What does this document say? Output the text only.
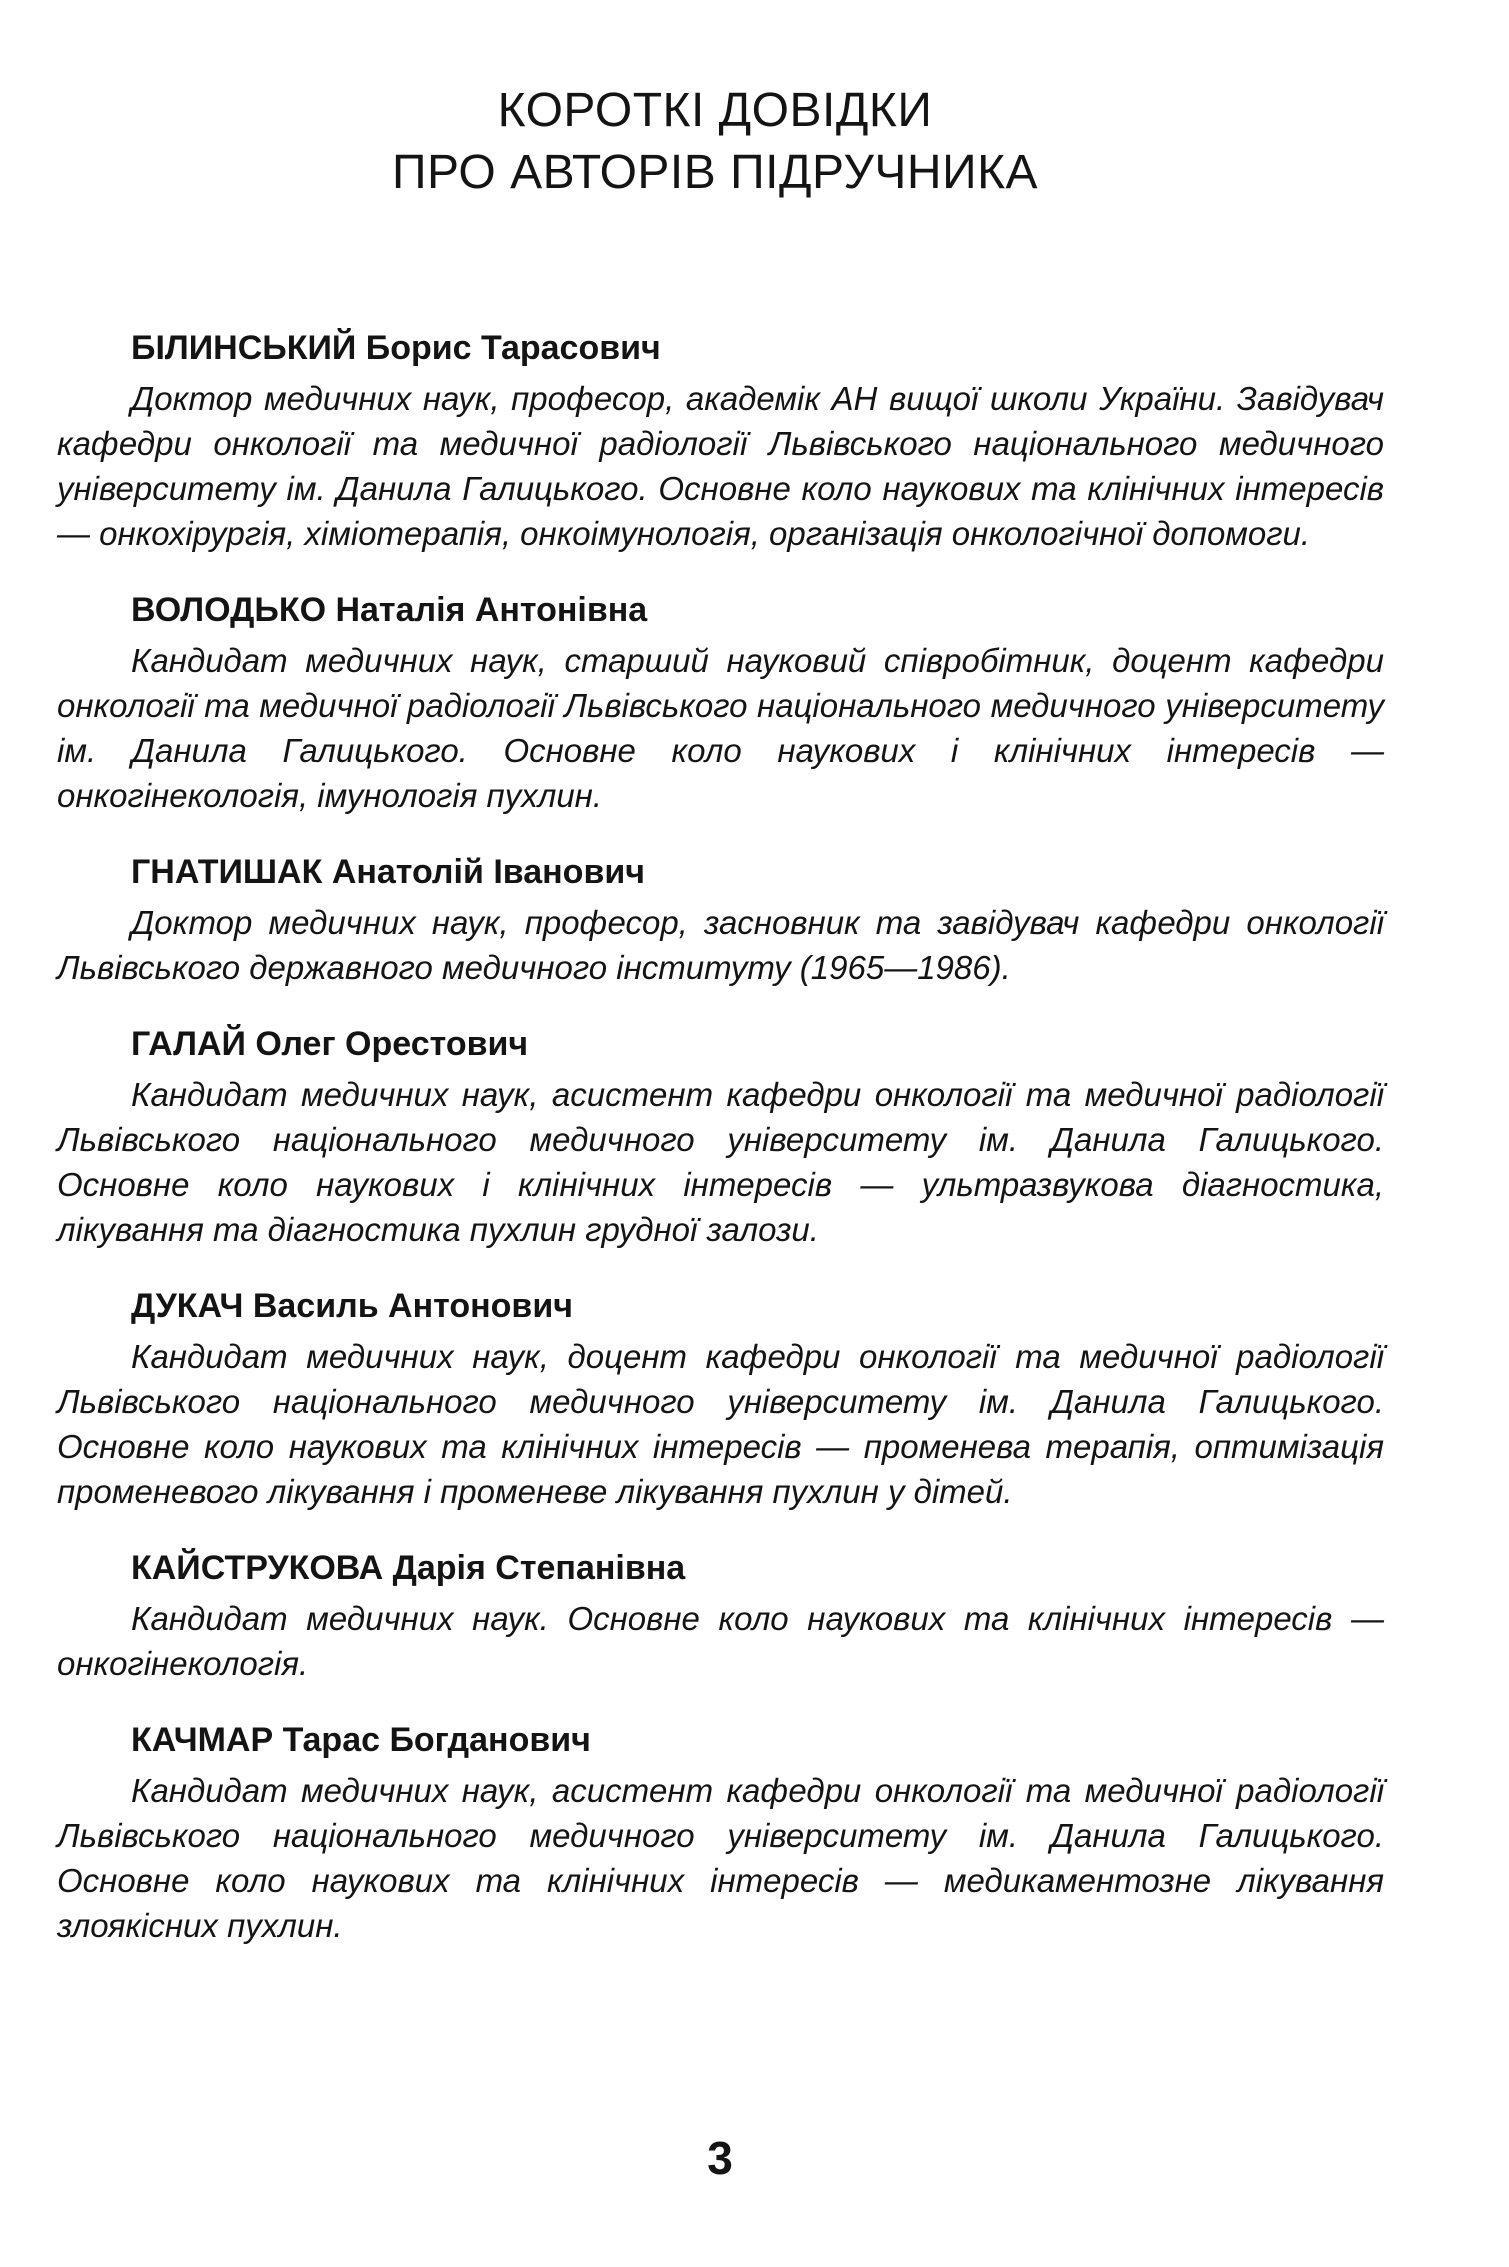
КОРОТКІ ДОВІДКИ
ПРО АВТОРІВ ПІДРУЧНИКА
БІЛИНСЬКИЙ Борис Тарасович
Доктор медичних наук, професор, академік АН вищої школи України. Завідувач кафедри онкології та медичної радіології Львівського національного медичного університету ім. Данила Галицького. Основне коло наукових та клінічних інтересів — онкохірургія, хіміотерапія, онкоімунологія, організація онкологічної допомоги.
ВОЛОДЬКО Наталія Антонівна
Кандидат медичних наук, старший науковий співробітник, доцент кафедри онкології та медичної радіології Львівського національного медичного університету ім. Данила Галицького. Основне коло наукових і клінічних інтересів — онкогінекологія, імунологія пухлин.
ГНАТИШАК Анатолій Іванович
Доктор медичних наук, професор, засновник та завідувач кафедри онкології Львівського державного медичного інституту (1965—1986).
ГАЛАЙ Олег Орестович
Кандидат медичних наук, асистент кафедри онкології та медичної радіології Львівського національного медичного університету ім. Данила Галицького. Основне коло наукових і клінічних інтересів — ультразвукова діагностика, лікування та діагностика пухлин грудної залози.
ДУКАЧ Василь Антонович
Кандидат медичних наук, доцент кафедри онкології та медичної радіології Львівського національного медичного університету ім. Данила Галицького. Основне коло наукових та клінічних інтересів — променева терапія, оптимізація променевого лікування і променеве лікування пухлин у дітей.
КАЙСТРУКОВА Дарія Степанівна
Кандидат медичних наук. Основне коло наукових та клінічних інтересів — онкогінекологія.
КАЧМАР Тарас Богданович
Кандидат медичних наук, асистент кафедри онкології та медичної радіології Львівського національного медичного університету ім. Данила Галицького. Основне коло наукових та клінічних інтересів — медикаментозне лікування злоякісних пухлин.
3
